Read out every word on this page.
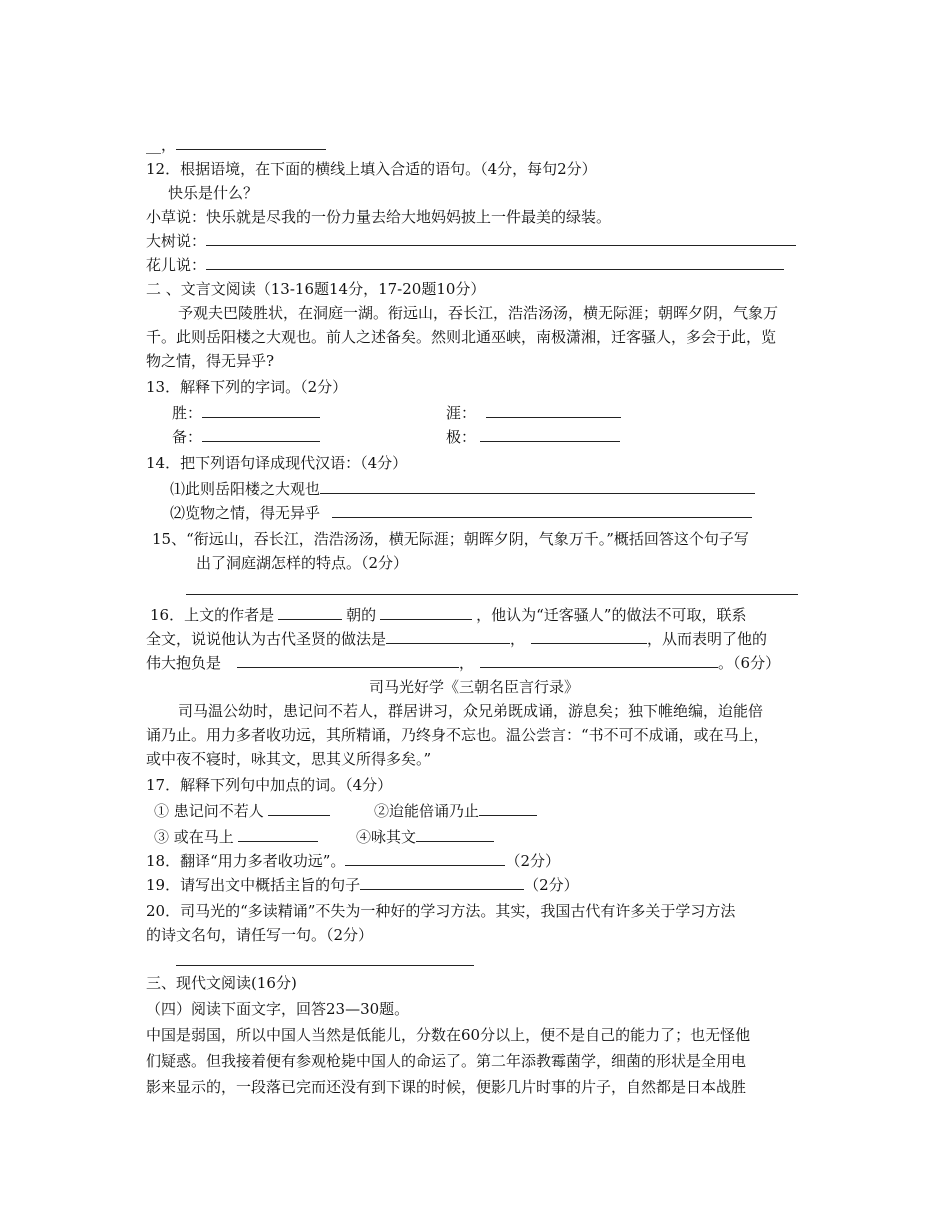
__，
12．根据语境，在下面的横线上填入合适的语句。（4分，每句2分）
快乐是什么？
小草说：快乐就是尽我的一份力量去给大地妈妈披上一件最美的绿装。
大树说：
花儿说：
二 、文言文阅读（13-16题14分，17-20题10分）
予观夫巴陵胜状，在洞庭一湖。衔远山，吞长江，浩浩汤汤，横无际涯；朝晖夕阴，气象万
千。此则岳阳楼之大观也。前人之述备矣。然则北通巫峡，南极潇湘，迁客骚人，多会于此，览
物之情，得无异乎?
13．解释下列的字词。（2分）
胜：	涯：
备：	极：
14．把下列语句译成现代汉语：（4分）
⑴此则岳阳楼之大观也
⑵览物之情，得无异乎
15、“衔远山，吞长江，浩浩汤汤，横无际涯；朝晖夕阴，气象万千。”概括回答这个句子写
出了洞庭湖怎样的特点。（2分）
16．上文的作者是	朝的	，他认为“迁客骚人”的做法不可取，联系
全文，说说他认为古代圣贤的做法是	，	，从而表明了他的
伟大抱负是	，	。（6分）
司马光好学《三朝名臣言行录》
司马温公幼时，患记问不若人，群居讲习，众兄弟既成诵，游息矣；独下帷绝编，迨能倍
诵乃止。用力多者收功远，其所精诵，乃终身不忘也。温公尝言：“书不可不成诵，或在马上，
或中夜不寝时，咏其文，思其义所得多矣。”
17．解释下列句中加点的词。（4分）
① 患记问不若人	②迨能倍诵乃止
③ 或在马上	④咏其文
18．翻译“用力多者收功远”。	（2分）
19．请写出文中概括主旨的句子	（2分）
20．司马光的“多读精诵”不失为一种好的学习方法。其实，我国古代有许多关于学习方法
的诗文名句，请任写一句。（2分）
三、现代文阅读(16分)
（四）阅读下面文字，回答23—30题。
中国是弱国，所以中国人当然是低能儿，分数在60分以上，便不是自己的能力了；也无怪他
们疑惑。但我接着便有参观枪毙中国人的命运了。第二年添教霉菌学，细菌的形状是全用电
影来显示的，一段落已完而还没有到下课的时候，便影几片时事的片子，自然都是日本战胜
